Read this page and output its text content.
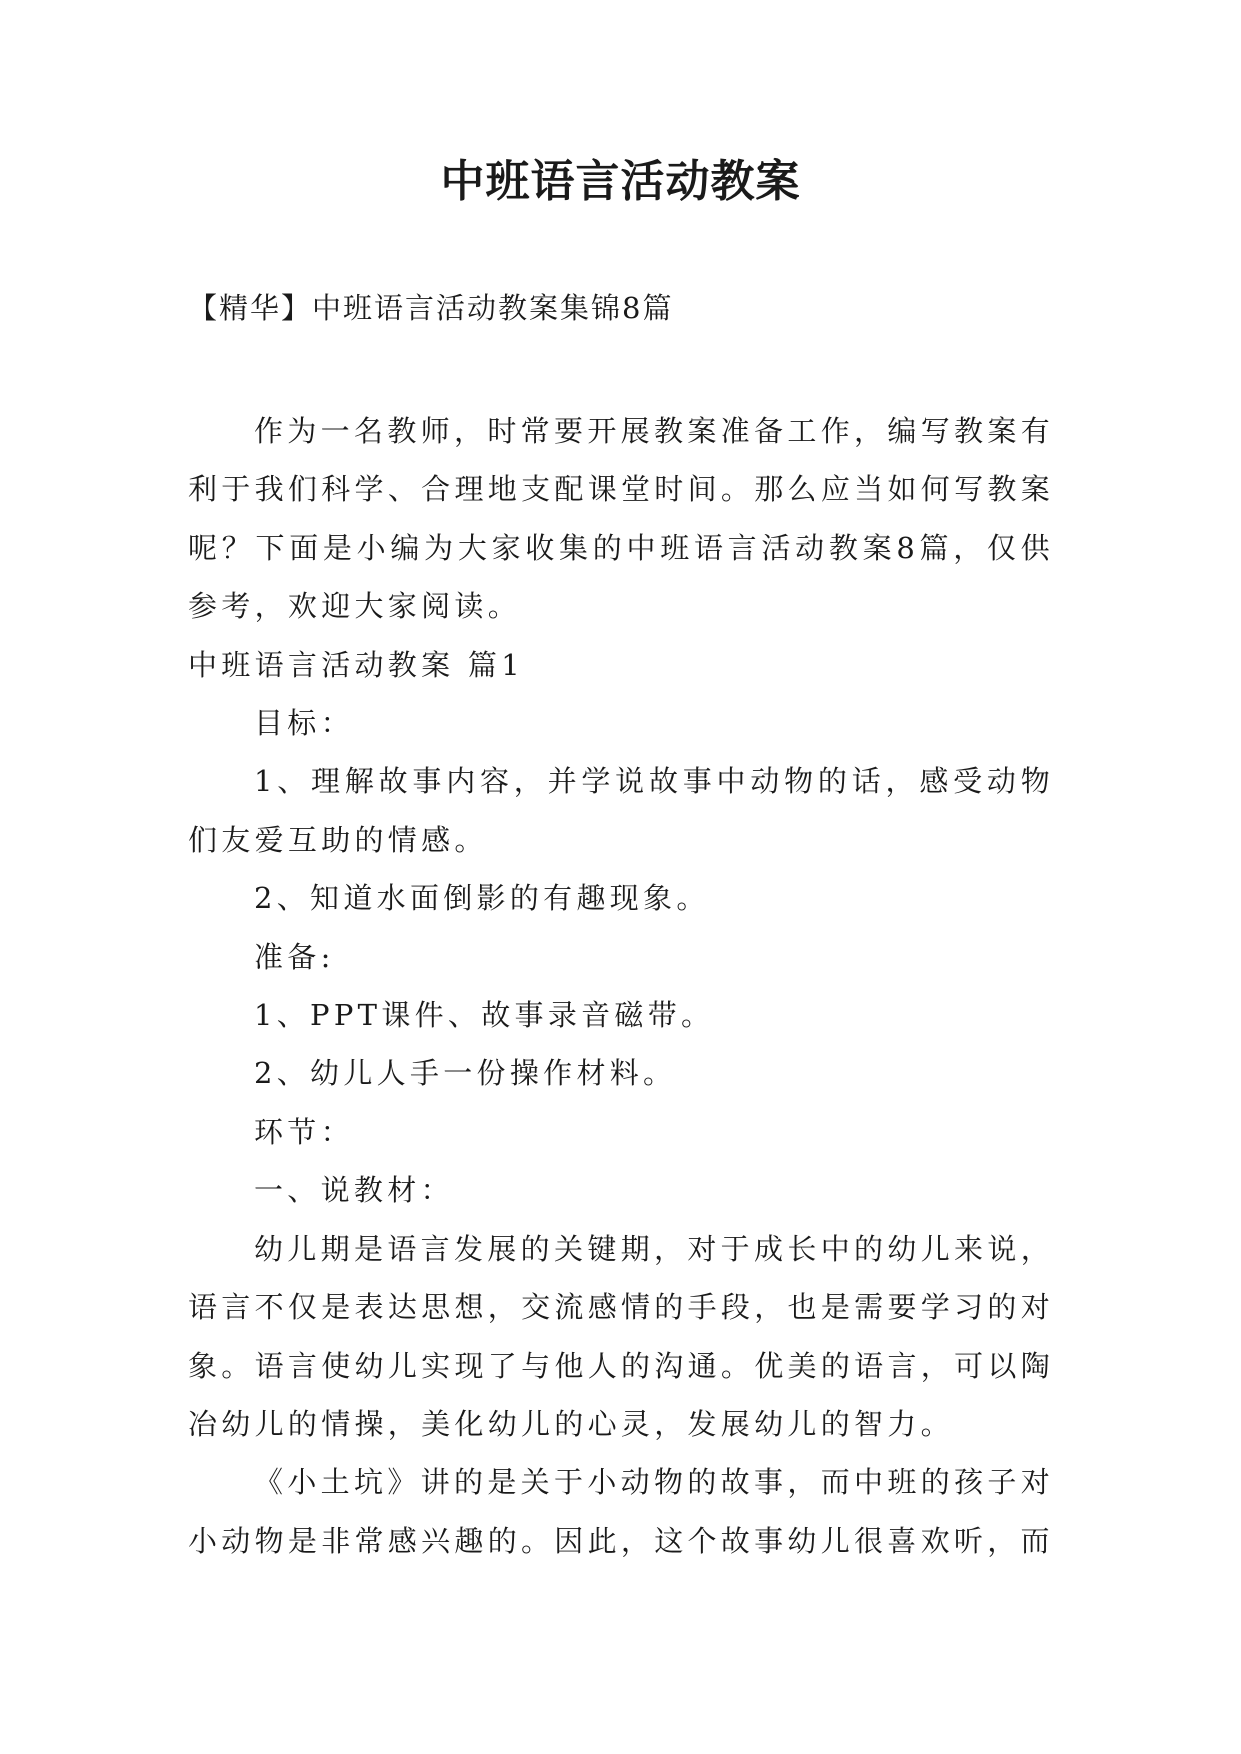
中班语言活动教案

【精华】中班语言活动教案集锦8篇

作为一名教师，时常要开展教案准备工作，编写教案有利于我们科学、合理地支配课堂时间。那么应当如何写教案呢？下面是小编为大家收集的中班语言活动教案8篇，仅供参考，欢迎大家阅读。

中班语言活动教案 篇1

目标：

1、理解故事内容，并学说故事中动物的话，感受动物们友爱互助的情感。

2、知道水面倒影的有趣现象。

准备:

1、PPT课件、故事录音磁带。

2、幼儿人手一份操作材料。

环节：

一、说教材：

幼儿期是语言发展的关键期，对于成长中的幼儿来说，语言不仅是表达思想，交流感情的手段，也是需要学习的对象。语言使幼儿实现了与他人的沟通。优美的语言，可以陶冶幼儿的情操，美化幼儿的心灵，发展幼儿的智力。

《小土坑》讲的是关于小动物的故事，而中班的孩子对小动物是非常感兴趣的。因此，这个故事幼儿很喜欢听，而
